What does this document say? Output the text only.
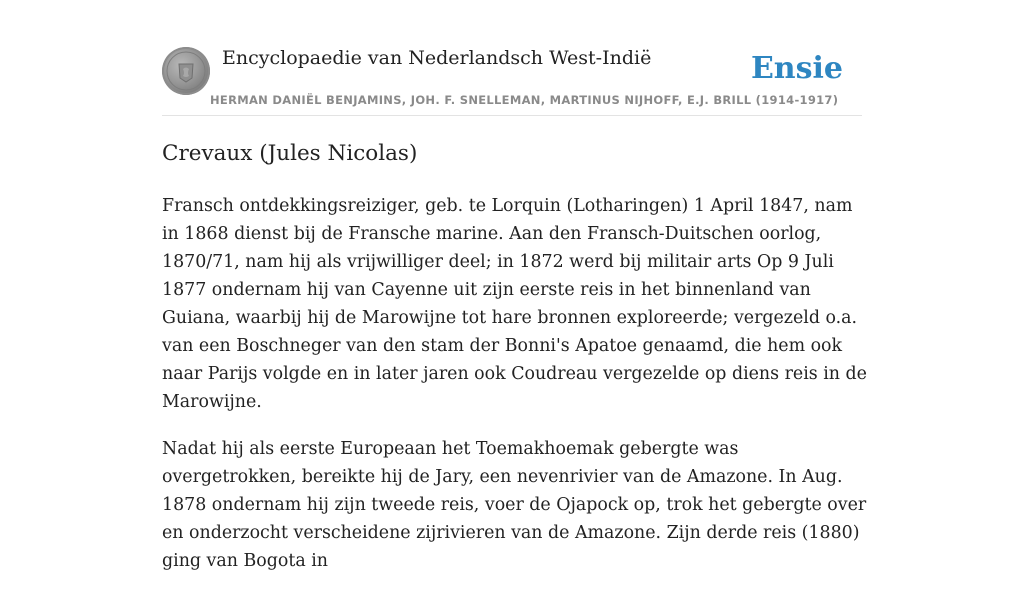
Encyclopaedie van Nederlandsch West-Indië	Ensie
HERMAN DANIËL BENJAMINS, JOH. F. SNELLEMAN, MARTINUS NIJHOFF, E.J. BRILL (1914-1917)
Crevaux (Jules Nicolas)

Fransch ontdekkingsreiziger, geb. te Lorquin (Lotharingen) 1 April 1847, nam in 1868 dienst bij de Fransche marine. Aan den Fransch-Duitschen oorlog, 1870/71, nam hij als vrijwilliger deel; in 1872 werd bij militair arts Op 9 Juli 1877 ondernam hij van Cayenne uit zijn eerste reis in het binnenland van Guiana, waarbij hij de Marowijne tot hare bronnen exploreerde; vergezeld o.a. van een Boschneger van den stam der Bonni's Apatoe genaamd, die hem ook naar Parijs volgde en in later jaren ook Coudreau vergezelde op diens reis in de Marowijne.

Nadat hij als eerste Europeaan het Toemakhoemak gebergte was overgetrokken, bereikte hij de Jary, een nevenrivier van de Amazone. In Aug. 1878 ondernam hij zijn tweede reis, voer de Ojapock op, trok het gebergte over en onderzocht verscheidene zijrivieren van de Amazone. Zijn derde reis (1880) ging van Bogota in
